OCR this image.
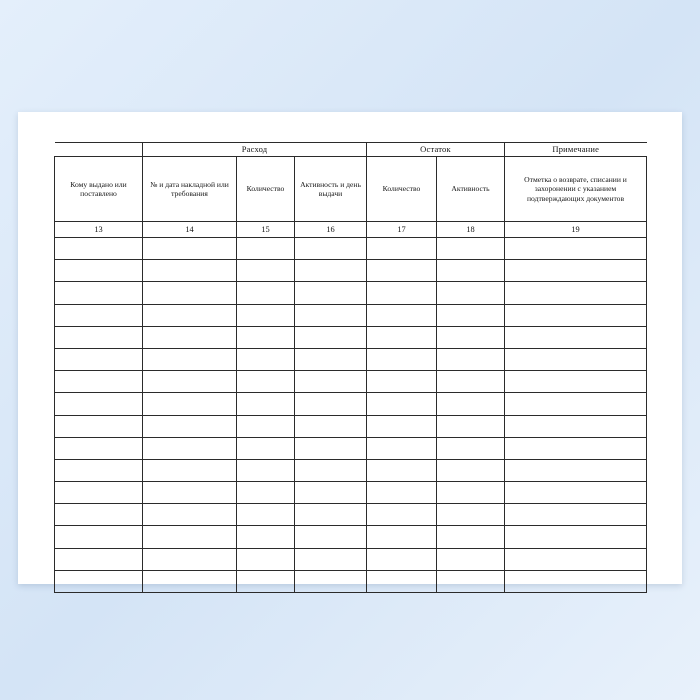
	Расход			Остаток		Примечание
Кому выдано или поставлено	№ и дата накладной или требования	Количество	Активность и день выдачи	Количество	Активность	Отметка о возврате, списании и захоронении с указанием подтверждающих документов
13	14	15	16	17	18	19
